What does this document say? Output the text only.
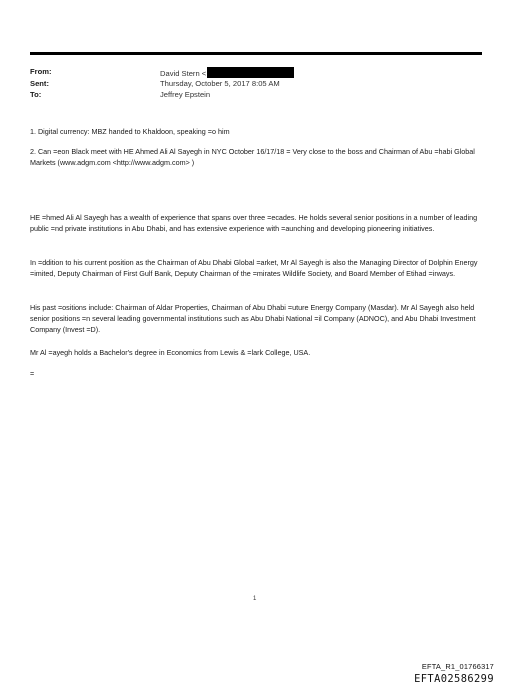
From:	David Stern <
Sent:	Thursday, October 5, 2017 8:05 AM
To:	Jeffrey Epstein

1. Digital currency: MBZ handed to Khaldoon, speaking =o him

2. Can =eon Black meet with HE Ahmed Ali Al Sayegh in NYC October 16/17/18 = Very close to the boss and Chairman of Abu =habi Global Markets (www.adgm.com <http://www.adgm.com> )

HE =hmed Ali Al Sayegh has a wealth of experience that spans over three =ecades. He holds several senior positions in a number of leading public =nd private institutions in Abu Dhabi, and has extensive experience with =aunching and developing pioneering initiatives.

In =ddition to his current position as the Chairman of Abu Dhabi Global =arket, Mr Al Sayegh is also the Managing Director of Dolphin Energy =imited, Deputy Chairman of First Gulf Bank, Deputy Chairman of the =mirates Wildlife Society, and Board Member of Etihad =irways.

His past =ositions include: Chairman of Aldar Properties, Chairman of Abu Dhabi =uture Energy Company (Masdar). Mr Al Sayegh also held senior positions =n several leading governmental institutions such as Abu Dhabi National =il Company (ADNOC), and Abu Dhabi Investment Company (Invest =D).

Mr Al =ayegh holds a Bachelor's degree in Economics from Lewis & =lark College, USA.

=

1
EFTA_R1_01766317
EFTA02586299
